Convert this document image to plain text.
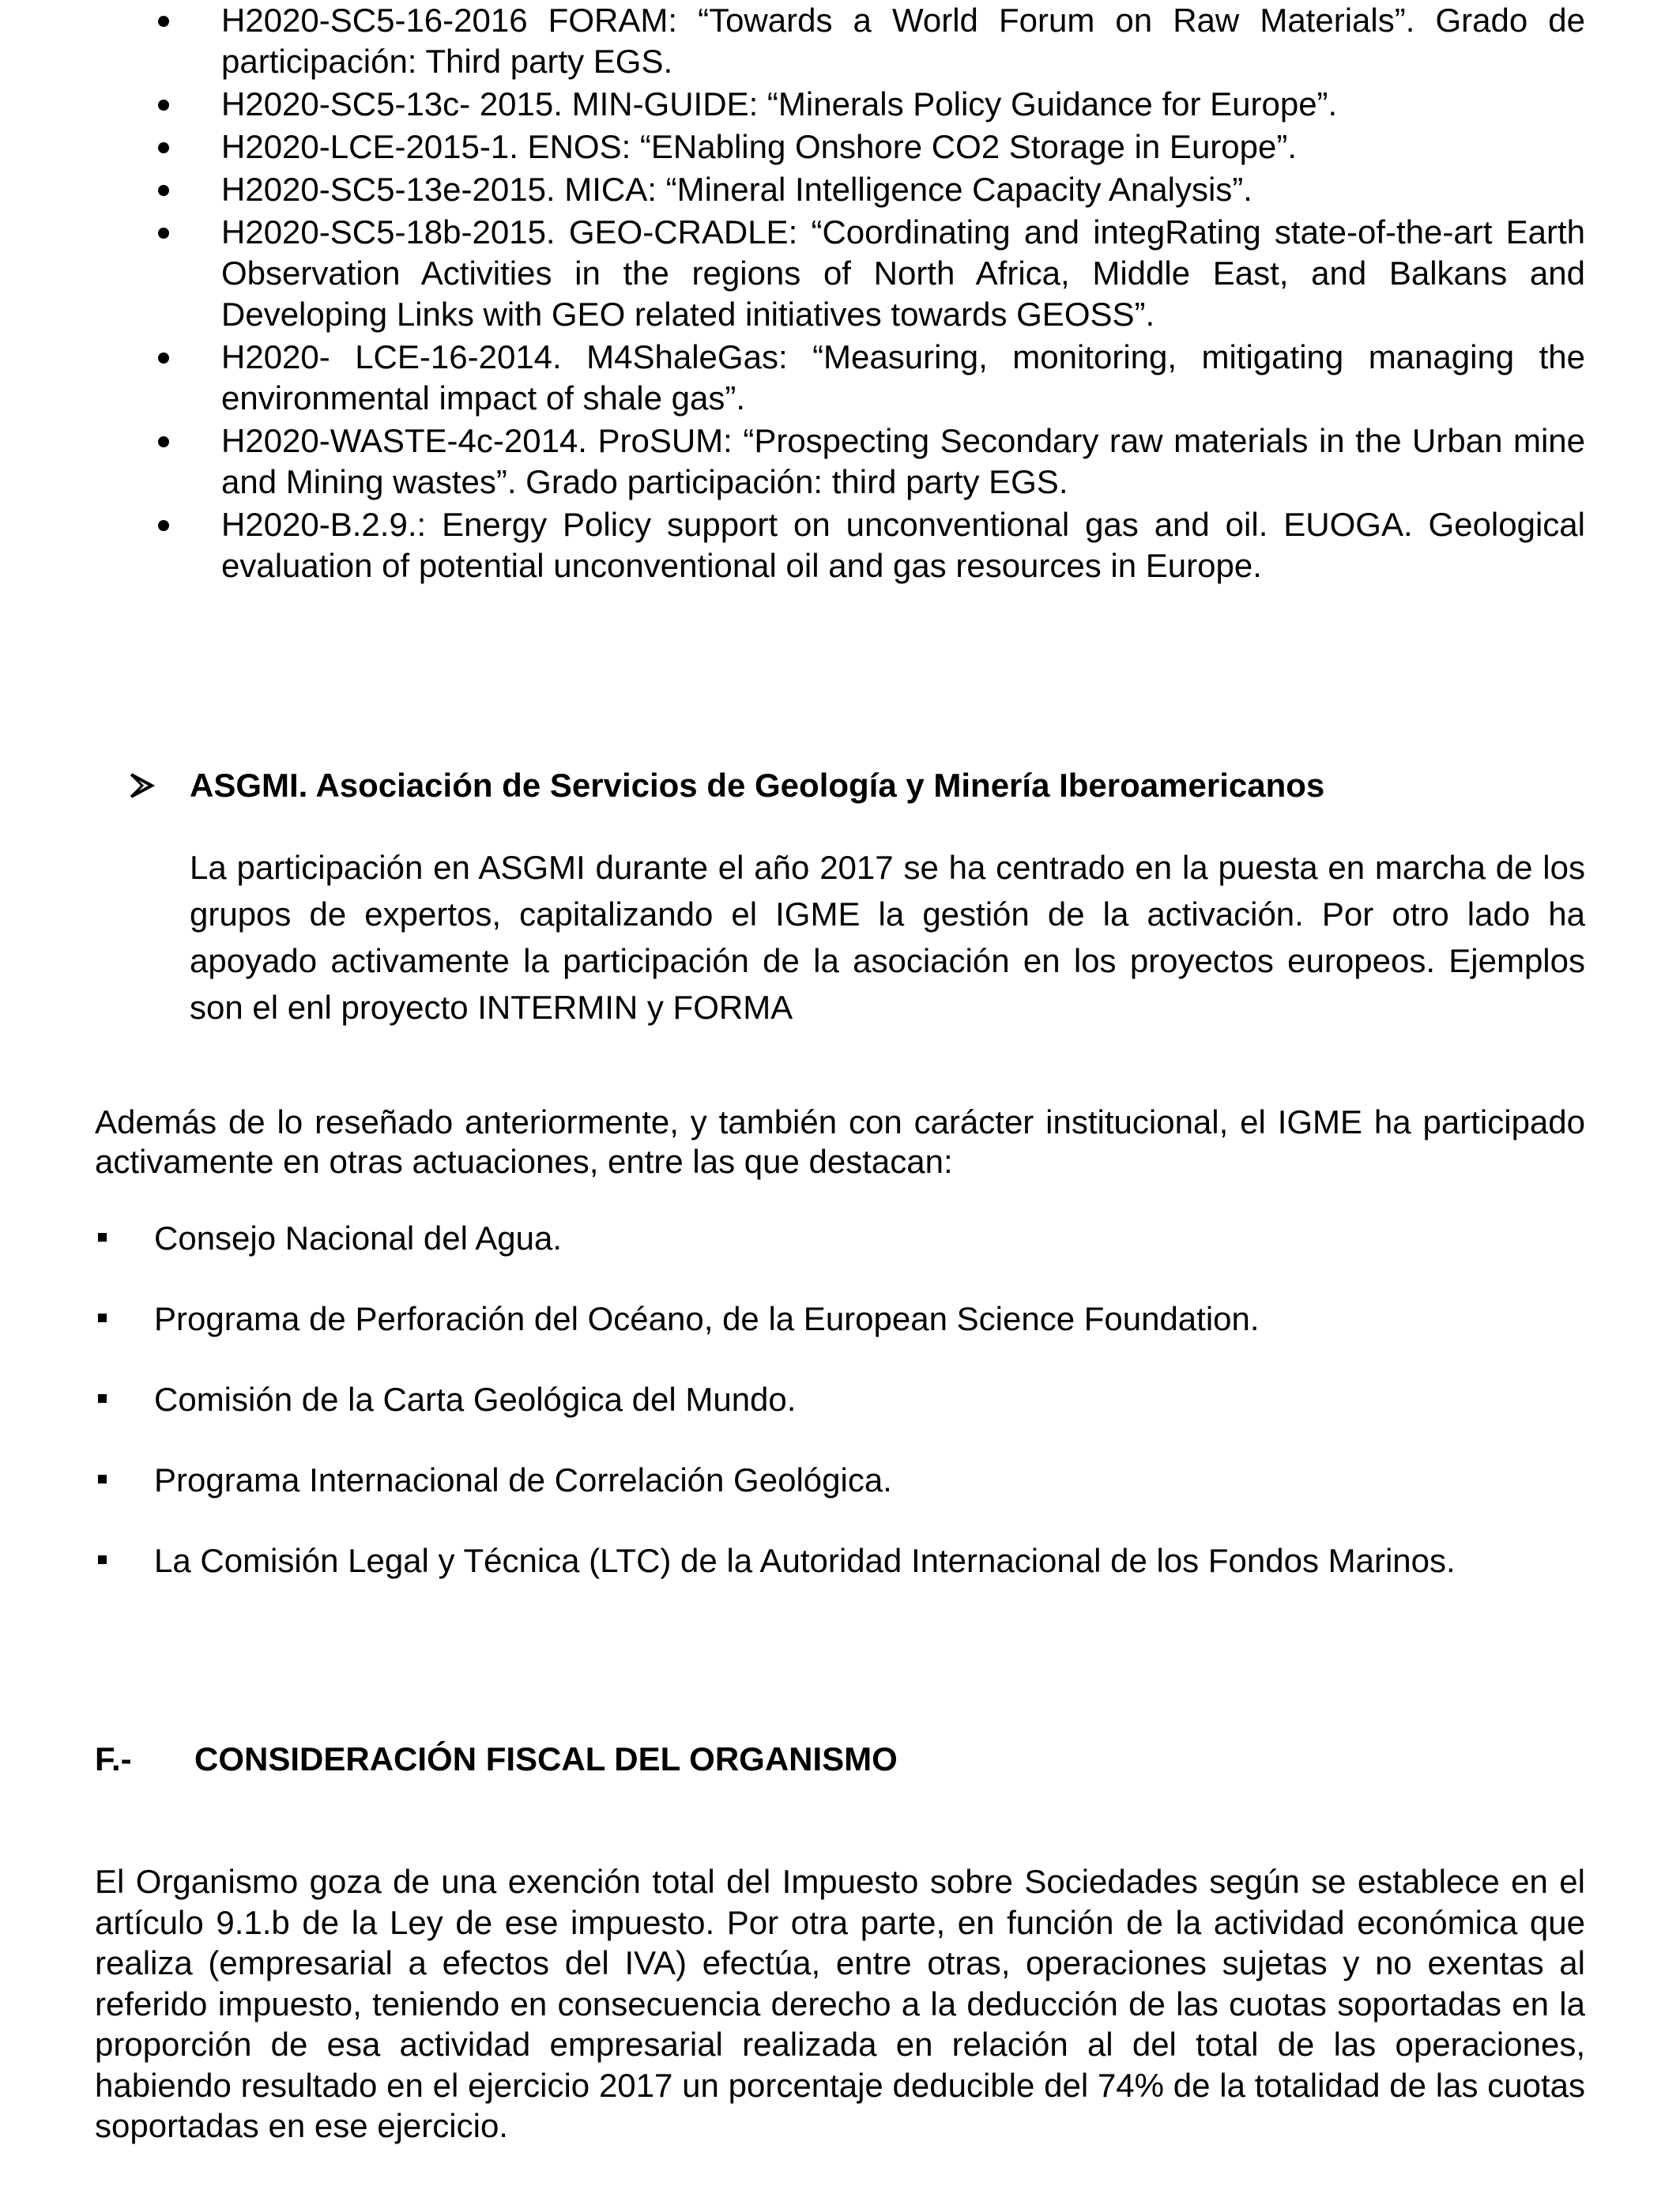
H2020-SC5-16-2016 FORAM: “Towards a World Forum on Raw Materials”. Grado de participación: Third party EGS.
H2020-SC5-13c- 2015. MIN-GUIDE: “Minerals Policy Guidance for Europe”.
H2020-LCE-2015-1. ENOS: “ENabling Onshore CO2 Storage in Europe”.
H2020-SC5-13e-2015. MICA: “Mineral Intelligence Capacity Analysis”.
H2020-SC5-18b-2015. GEO-CRADLE: “Coordinating and integRating state-of-the-art Earth Observation Activities in the regions of North Africa, Middle East, and Balkans and Developing Links with GEO related initiatives towards GEOSS”.
H2020- LCE-16-2014. M4ShaleGas: “Measuring, monitoring, mitigating managing the environmental impact of shale gas”.
H2020-WASTE-4c-2014. ProSUM: “Prospecting Secondary raw materials in the Urban mine and Mining wastes”. Grado participación: third party EGS.
H2020-B.2.9.: Energy Policy support on unconventional gas and oil. EUOGA. Geological evaluation of potential unconventional oil and gas resources in Europe.
ASGMI. Asociación de Servicios de Geología y Minería Iberoamericanos

La participación en ASGMI durante el año 2017 se ha centrado en la puesta en marcha de los grupos de expertos, capitalizando el IGME la gestión de la activación. Por otro lado ha apoyado activamente la participación de la asociación en los proyectos europeos. Ejemplos son el enl proyecto INTERMIN y FORMA

Además de lo reseñado anteriormente, y también con carácter institucional, el IGME ha participado activamente en otras actuaciones, entre las que destacan:

Consejo Nacional del Agua.
Programa de Perforación del Océano, de la European Science Foundation.
Comisión de la Carta Geológica del Mundo.
Programa Internacional de Correlación Geológica.
La Comisión Legal y Técnica (LTC) de la Autoridad Internacional de los Fondos Marinos.
F.- CONSIDERACIÓN FISCAL DEL ORGANISMO

El Organismo goza de una exención total del Impuesto sobre Sociedades según se establece en el artículo 9.1.b de la Ley de ese impuesto. Por otra parte, en función de la actividad económica que realiza (empresarial a efectos del IVA) efectúa, entre otras, operaciones sujetas y no exentas al referido impuesto, teniendo en consecuencia derecho a la deducción de las cuotas soportadas en la proporción de esa actividad empresarial realizada en relación al del total de las operaciones, habiendo resultado en el ejercicio 2017 un porcentaje deducible del 74% de la totalidad de las cuotas soportadas en ese ejercicio.
